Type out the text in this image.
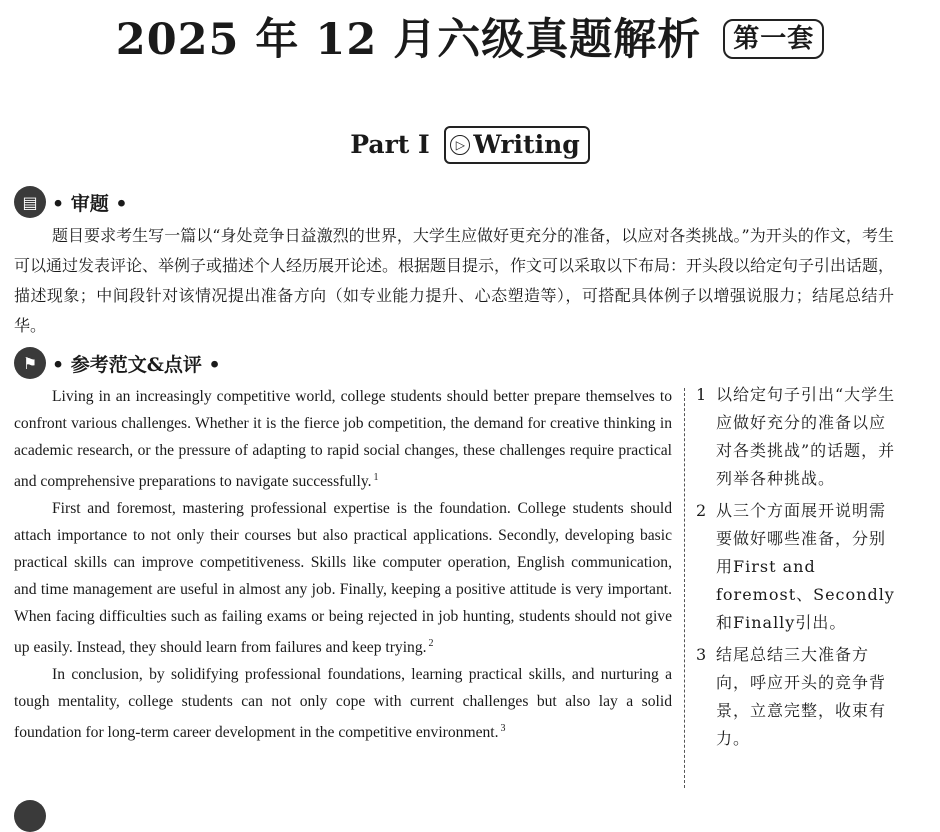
2025 年 12 月六级真题解析 第一套
Part I ▷ Writing
▤ • 审题 •
题目要求考生写一篇以“身处竞争日益激烈的世界，大学生应做好更充分的准备，以应对各类挑战。”为开头的作文，考生可以通过发表评论、举例子或描述个人经历展开论述。根据题目提示，作文可以采取以下布局：开头段以给定句子引出话题，描述现象；中间段针对该情况提出准备方向（如专业能力提升、心态塑造等），可搭配具体例子以增强说服力；结尾总结升华。
⚑ • 参考范文&点评 •

Living in an increasingly competitive world, college students should better prepare themselves to confront various challenges. Whether it is the fierce job competition, the demand for creative thinking in academic research, or the pressure of adapting to rapid social changes, these challenges require practical and comprehensive preparations to navigate successfully. $^1$

First and foremost, mastering professional expertise is the foundation. College students should attach importance to not only their courses but also practical applications. Secondly, developing basic practical skills can improve competitiveness. Skills like computer operation, English communication, and time management are useful in almost any job. Finally, keeping a positive attitude is very important. When facing difficulties such as failing exams or being rejected in job hunting, students should not give up easily. Instead, they should learn from failures and keep trying. $^2$

In conclusion, by solidifying professional foundations, learning practical skills, and nurturing a tough mentality, college students can not only cope with current challenges but also lay a solid foundation for long-term career development in the competitive environment. $^3$

1 以给定句子引出“大学生应做好充分的准备以应对各类挑战”的话题，并列举各种挑战。
2 从三个方面展开说明需要做好哪些准备，分别用First and foremost、Secondly和Finally引出。
3 结尾总结三大准备方向，呼应开头的竞争背景，立意完整，收束有力。
